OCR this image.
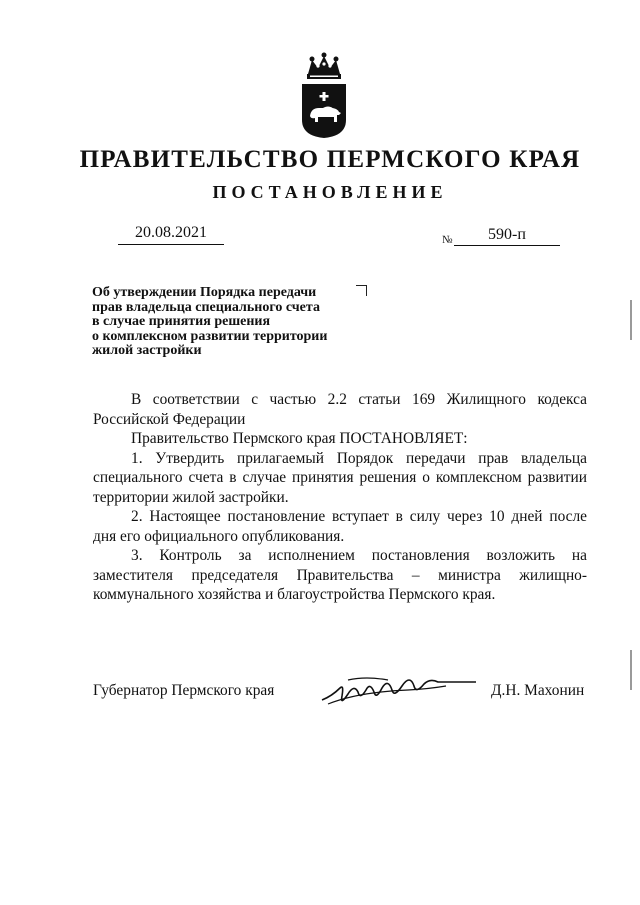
ПРАВИТЕЛЬСТВО ПЕРМСКОГО КРАЯ
ПОСТАНОВЛЕНИЕ
20.08.2021	№	590-п
Об утверждении Порядка передачи
прав владельца специального счета
в случае принятия решения
о комплексном развитии территории
жилой застройки

В соответствии с частью 2.2 статьи 169 Жилищного кодекса Российской Федерации

Правительство Пермского края ПОСТАНОВЛЯЕТ:

1. Утвердить прилагаемый Порядок передачи прав владельца специального счета в случае принятия решения о комплексном развитии территории жилой застройки.

2. Настоящее постановление вступает в силу через 10 дней после дня его официального опубликования.

3. Контроль за исполнением постановления возложить на заместителя председателя Правительства – министра жилищно-коммунального хозяйства и благоустройства Пермского края.

Губернатор Пермского края	Д.Н. Махонин
